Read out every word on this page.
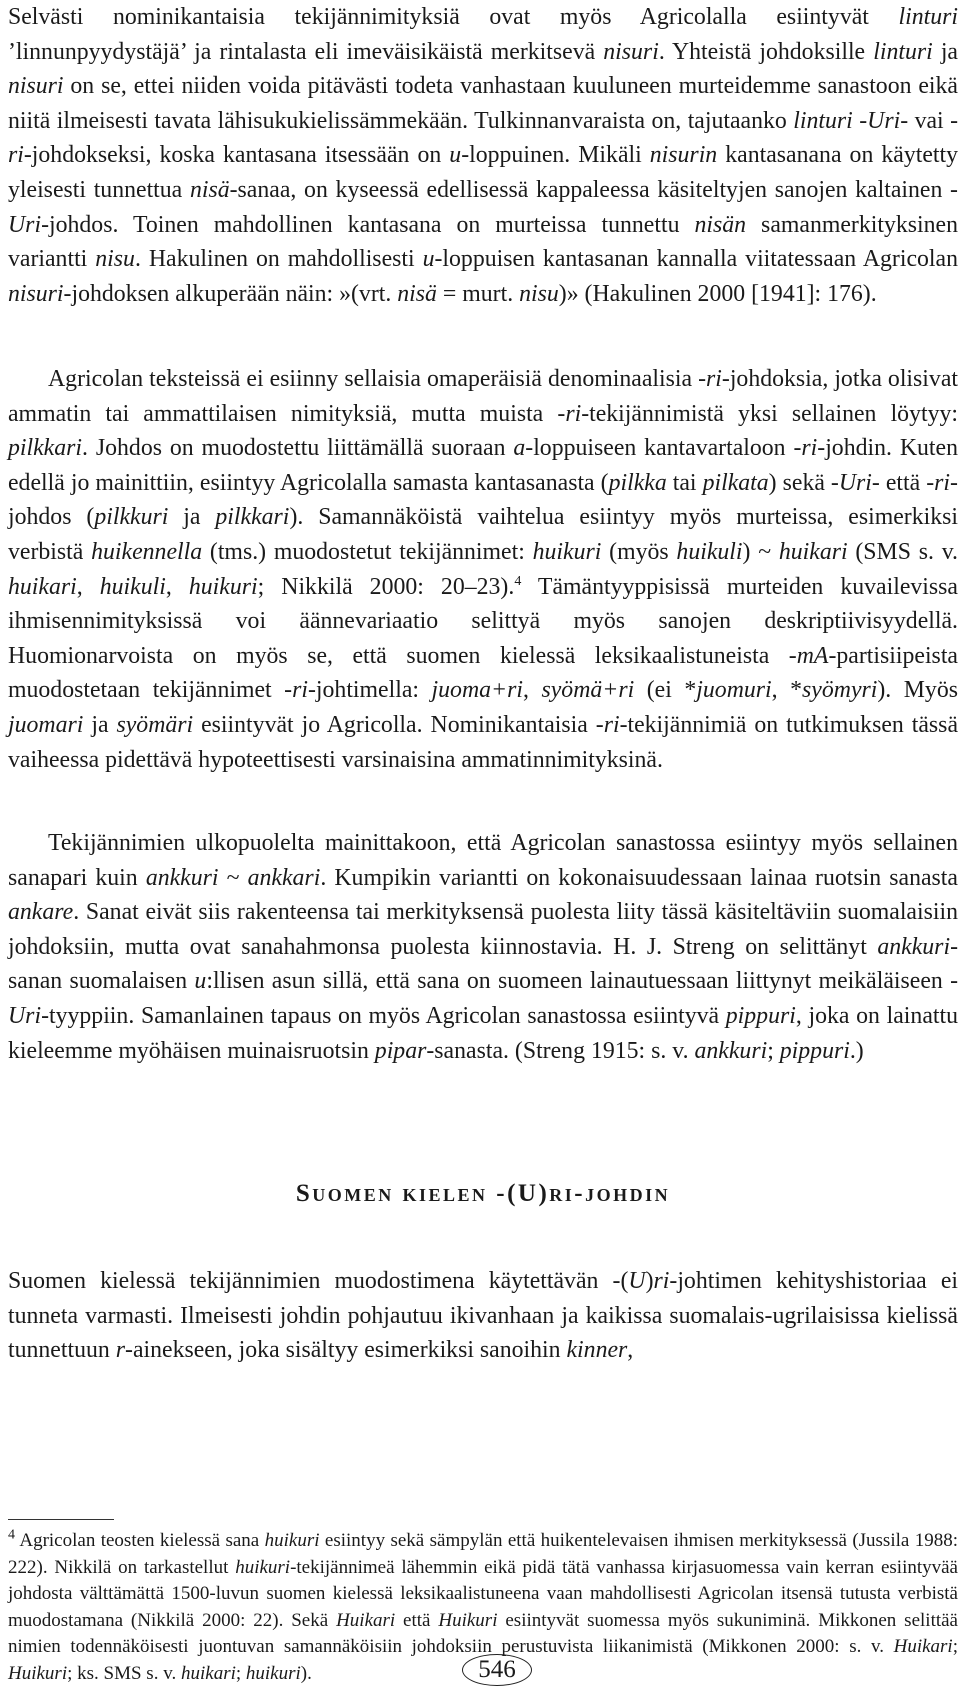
Selvästi nominikantaisia tekijännimityksiä ovat myös Agricolalla esiintyvät linturi ’linnunpyydystäjä’ ja rintalasta eli imeväisikäistä merkitsevä nisuri. Yhteistä johdoksille linturi ja nisuri on se, ettei niiden voida pitävästi todeta vanhastaan kuuluneen murteidemme sanastoon eikä niitä ilmeisesti tavata lähisukukielissämmekään. Tulkinnanvaraista on, tajutaanko linturi -Uri- vai -ri-johdokseksi, koska kantasana itsessään on u-loppuinen. Mikäli nisurin kantasanana on käytetty yleisesti tunnettua nisä-sanaa, on kyseessä edellisessä kappaleessa käsiteltyjen sanojen kaltainen -Uri-johdos. Toinen mahdollinen kantasana on murteissa tunnettu nisän samanmerkityksinen variantti nisu. Hakulinen on mahdollisesti u-loppuisen kantasanan kannalla viitatessaan Agricolan nisuri-johdoksen alkuperään näin: »(vrt. nisä = murt. nisu)» (Hakulinen 2000 [1941]: 176).

Agricolan teksteissä ei esiinny sellaisia omaperäisiä denominaalisia -ri-johdoksia, jotka olisivat ammatin tai ammattilaisen nimityksiä, mutta muista -ri-tekijännimistä yksi sellainen löytyy: pilkkari. Johdos on muodostettu liittämällä suoraan a-loppuiseen kantavartaloon -ri-johdin. Kuten edellä jo mainittiin, esiintyy Agricolalla samasta kantasanasta (pilkka tai pilkata) sekä -Uri- että -ri-johdos (pilkkuri ja pilkkari). Samannäköistä vaihtelua esiintyy myös murteissa, esimerkiksi verbistä huikennella (tms.) muodostetut tekijännimet: huikuri (myös huikuli) ~ huikari (SMS s. v. huikari, huikuli, huikuri; Nikkilä 2000: 20–23).$^4$ Tämäntyyppisissä murteiden kuvailevissa ihmisennimityksissä voi äännevariaatio selittyä myös sanojen deskriptiivisyydellä. Huomionarvoista on myös se, että suomen kielessä leksikaalistuneista -mA-partisiipeista muodostetaan tekijännimet -ri-johtimella: juoma+ri, syömä+ri (ei *juomuri, *syömyri). Myös juomari ja syömäri esiintyvät jo Agricolla. Nominikantaisia -ri-tekijännimiä on tutkimuksen tässä vaiheessa pidettävä hypoteettisesti varsinaisina ammatinnimityksinä.

Tekijännimien ulkopuolelta mainittakoon, että Agricolan sanastossa esiintyy myös sellainen sanapari kuin ankkuri ~ ankkari. Kumpikin variantti on kokonaisuudessaan lainaa ruotsin sanasta ankare. Sanat eivät siis rakenteensa tai merkityksensä puolesta liity tässä käsiteltäviin suomalaisiin johdoksiin, mutta ovat sanahahmonsa puolesta kiinnostavia. H. J. Streng on selittänyt ankkuri-sanan suomalaisen u:llisen asun sillä, että sana on suomeen lainautuessaan liittynyt meikäläiseen -Uri-tyyppiin. Samanlainen tapaus on myös Agricolan sanastossa esiintyvä pippuri, joka on lainattu kieleemme myöhäisen muinaisruotsin pipar-sanasta. (Streng 1915: s. v. ankkuri; pippuri.)

Suomen kielen -(U)ri-johdin

Suomen kielessä tekijännimien muodostimena käytettävän -(U)ri-johtimen kehityshistoriaa ei tunneta varmasti. Ilmeisesti johdin pohjautuu ikivanhaan ja kaikissa suomalais-ugrilaisissa kielissä tunnettuun r-ainekseen, joka sisältyy esimerkiksi sanoihin kinner,

$^4$ Agricolan teosten kielessä sana huikuri esiintyy sekä sämpylän että huikentelevaisen ihmisen merkityksessä (Jussila 1988: 222). Nikkilä on tarkastellut huikuri-tekijännimeä lähemmin eikä pidä tätä vanhassa kirjasuomessa vain kerran esiintyvää johdosta välttämättä 1500-luvun suomen kielessä leksikaalistuneena vaan mahdollisesti Agricolan itsensä tutusta verbistä muodostamana (Nikkilä 2000: 22). Sekä Huikari että Huikuri esiintyvät suomessa myös sukuniminä. Mikkonen selittää nimien todennäköisesti juontuvan samannäköisiin johdoksiin perustuvista liikanimistä (Mikkonen 2000: s. v. Huikari; Huikuri; ks. SMS s. v. huikari; huikuri).	546
